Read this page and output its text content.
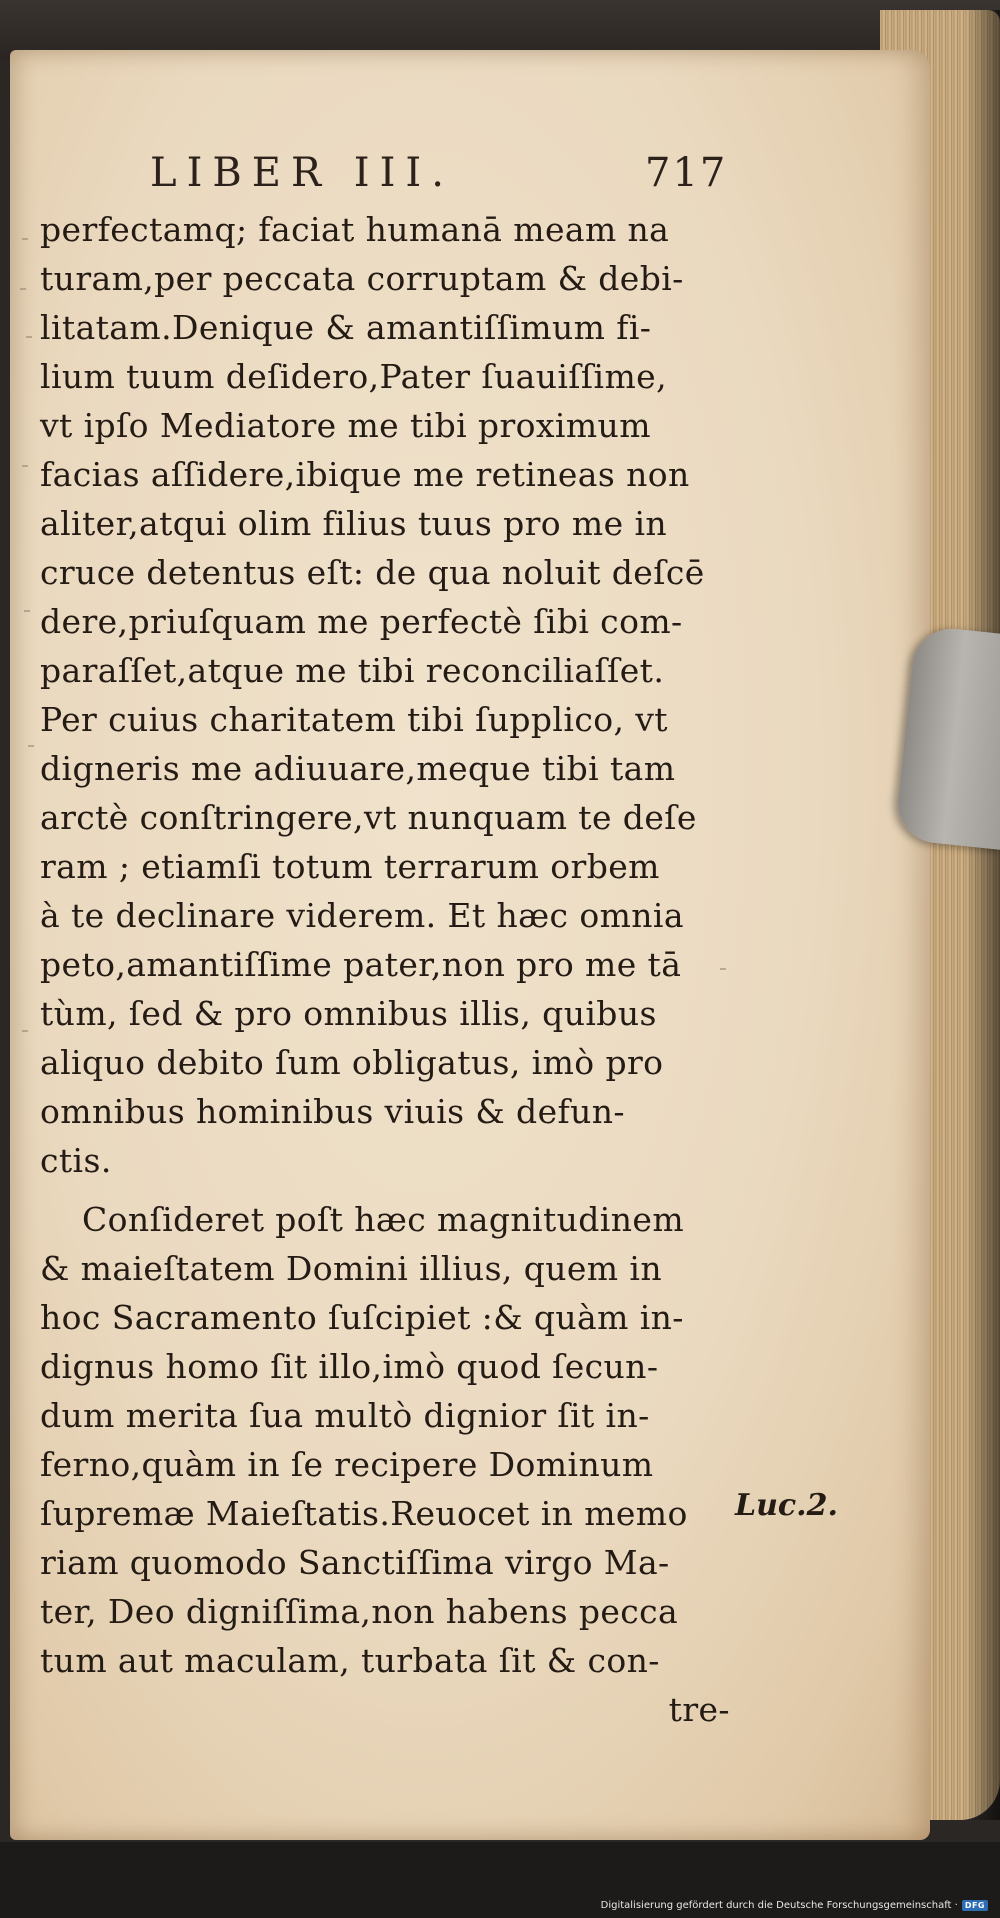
LIBER III.	717
perfectamq; faciat humanā meam na
turam,per peccata corruptam & debi-
litatam.Denique & amantiſſimum fi-
lium tuum deſidero,Pater ſuauiſſime,
vt ipſo Mediatore me tibi proximum
facias aſſidere,ibique me retineas non
aliter,atqui olim filius tuus pro me in
cruce detentus eſt: de qua noluit deſcē
dere,priuſquam me perfectè ſibi com-
paraſſet,atque me tibi reconciliaſſet.
Per cuius charitatem tibi ſupplico, vt
digneris me adiuuare,meque tibi tam
arctè conſtringere,vt nunquam te deſe
ram ; etiamſi totum terrarum orbem
à te declinare viderem. Et hæc omnia
peto,amantiſſime pater,non pro me tā
tùm, ſed & pro omnibus illis, quibus
aliquo debito ſum obligatus, imò pro
omnibus hominibus viuis & defun-
ctis.
Conſideret poſt hæc magnitudinem
& maieſtatem Domini illius, quem in
hoc Sacramento ſuſcipiet :& quàm in-
dignus homo ſit illo,imò quod ſecun-
dum merita ſua multò dignior ſit in-
ferno,quàm in ſe recipere Dominum
ſupremæ Maieſtatis.Reuocet in memo
riam quomodo Sanctiſſima virgo Ma-
ter, Deo digniſſima,non habens pecca
tum aut maculam, turbata ſit & con-
tre-
Luc.2.
Digitalisierung gefördert durch die Deutsche Forschungsgemeinschaft · DFG
